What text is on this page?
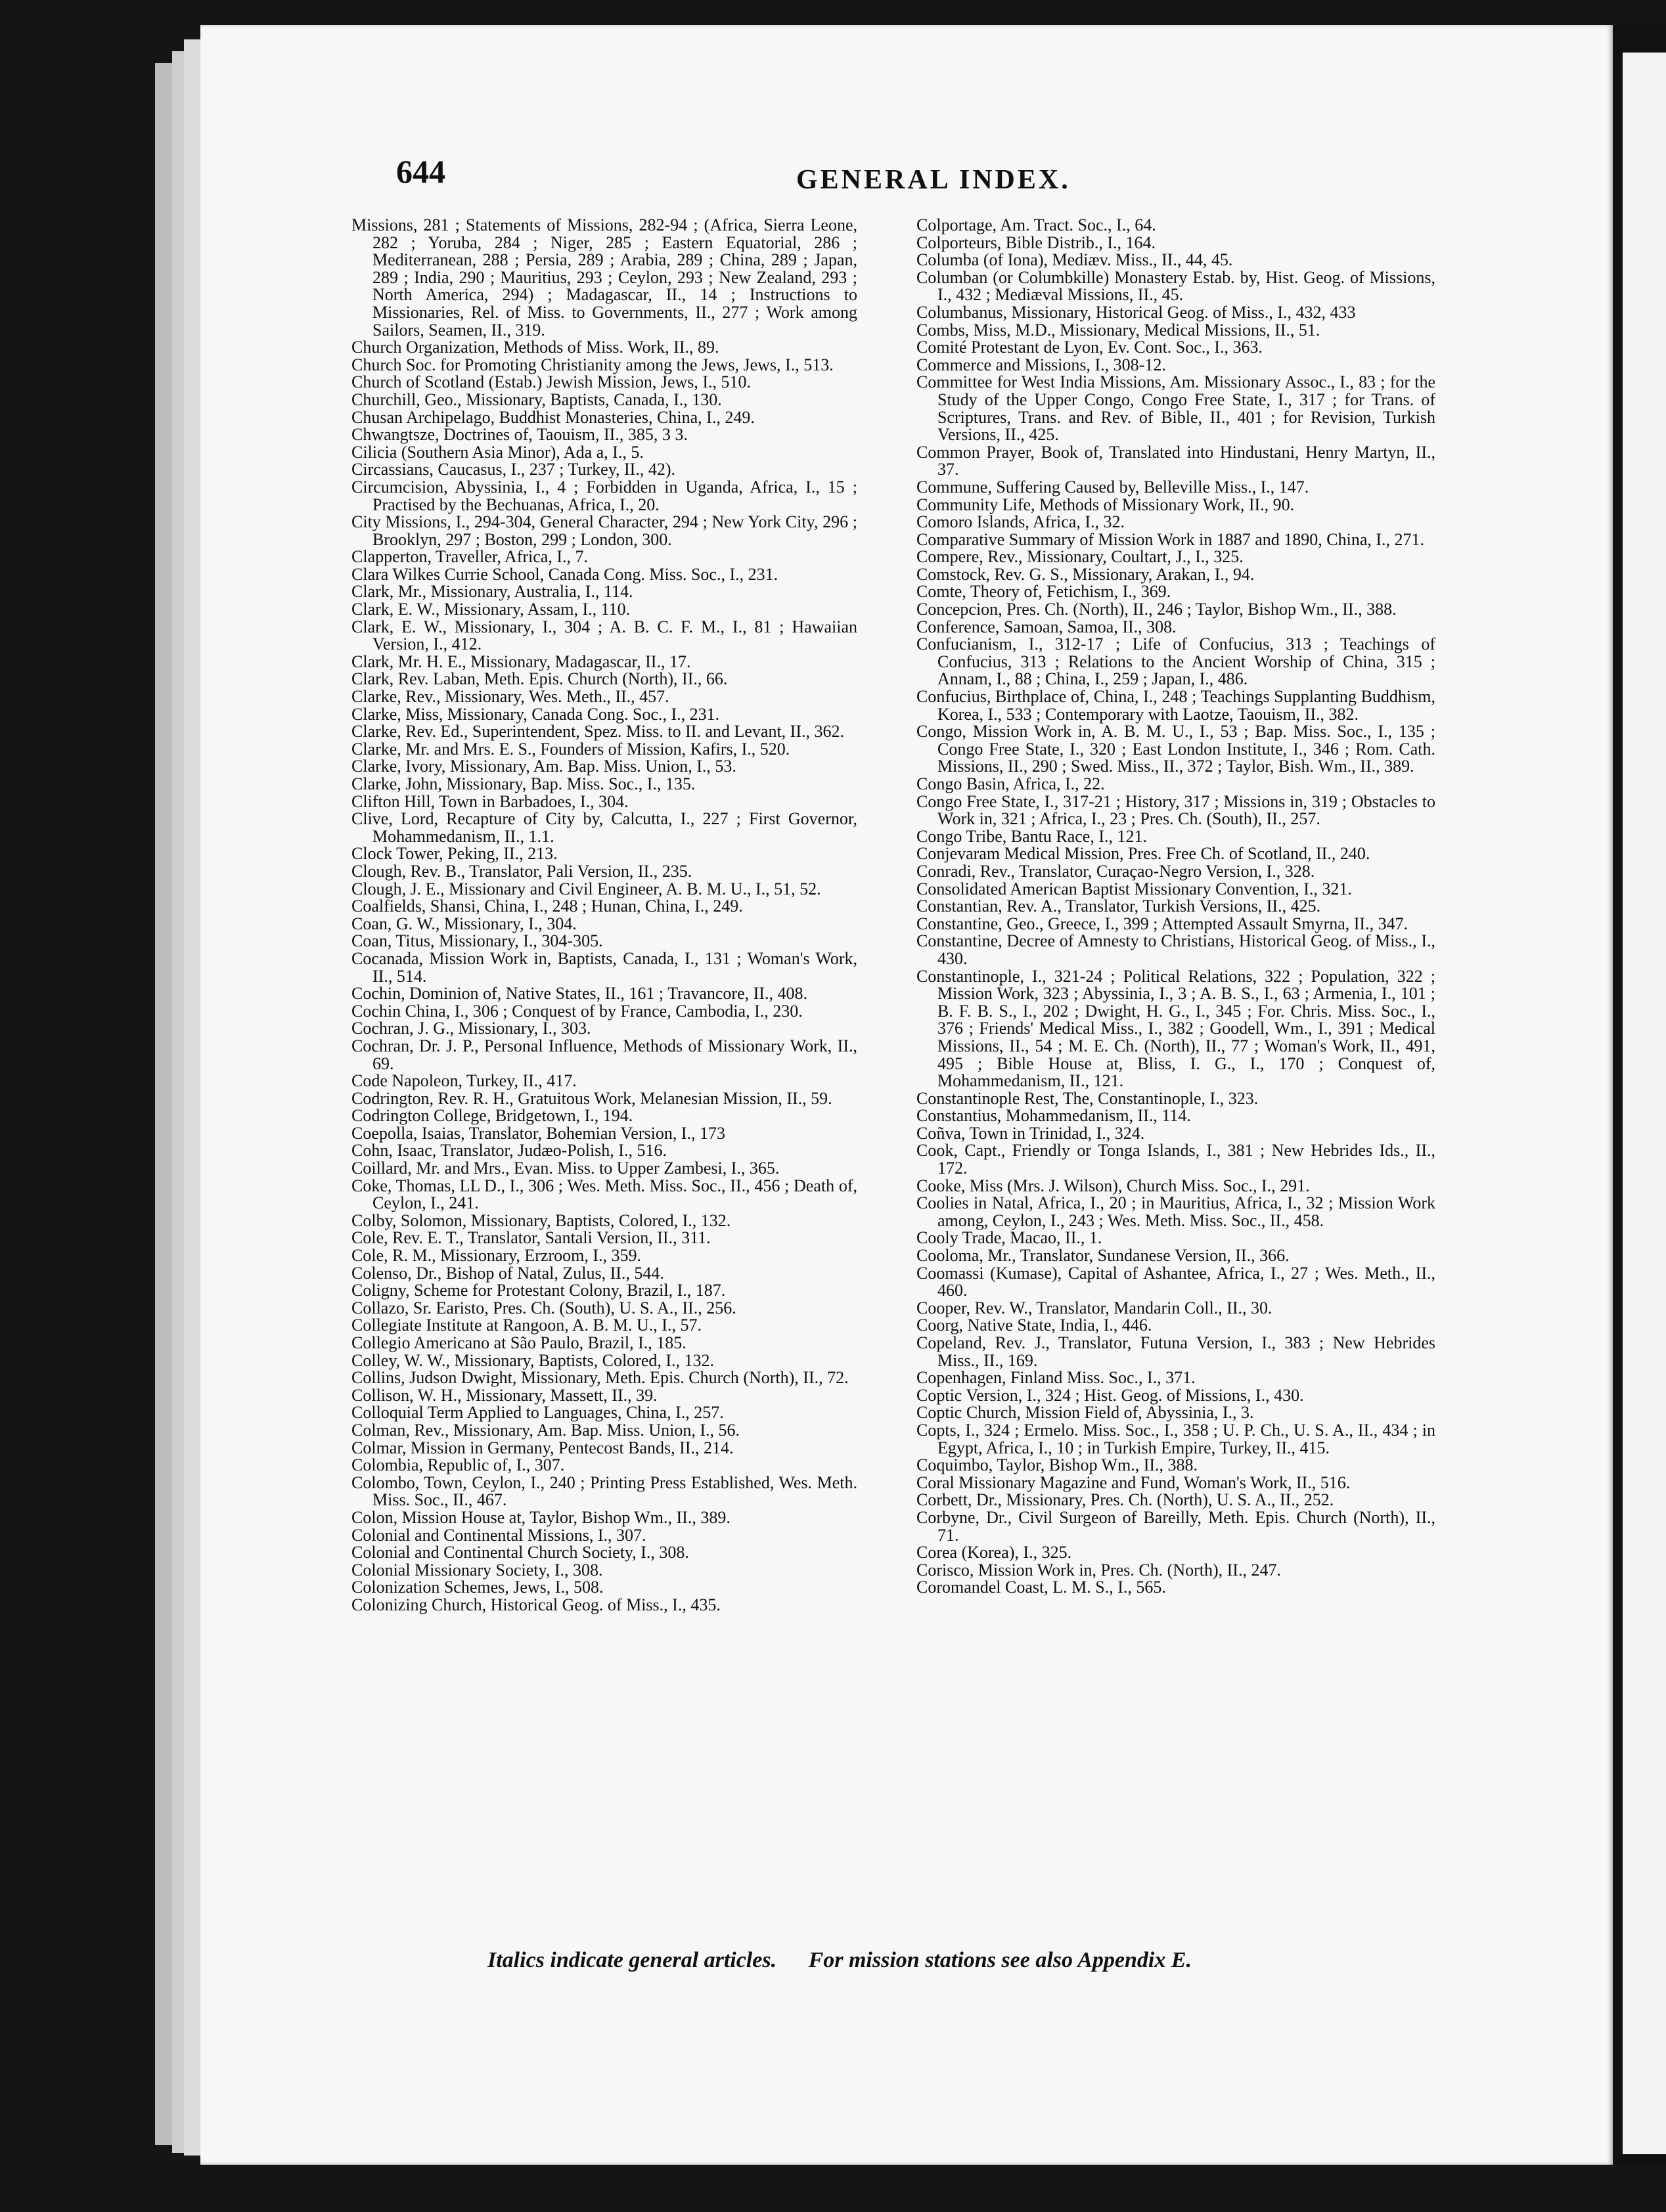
644	GENERAL INDEX.

Missions, 281 ; Statements of Missions, 282-94 ; (Africa, Sierra Leone, 282 ; Yoruba, 284 ; Niger, 285 ; Eastern Equatorial, 286 ; Mediterranean, 288 ; Persia, 289 ; Arabia, 289 ; China, 289 ; Japan, 289 ; India, 290 ; Mauritius, 293 ; Ceylon, 293 ; New Zealand, 293 ; North America, 294) ; Madagascar, II., 14 ; Instructions to Missionaries, Rel. of Miss. to Governments, II., 277 ; Work among Sailors, Seamen, II., 319.

Church Organization, Methods of Miss. Work, II., 89.

Church Soc. for Promoting Christianity among the Jews, Jews, I., 513.

Church of Scotland (Estab.) Jewish Mission, Jews, I., 510.

Churchill, Geo., Missionary, Baptists, Canada, I., 130.

Chusan Archipelago, Buddhist Monasteries, China, I., 249.

Chwangtsze, Doctrines of, Taouism, II., 385, 3 3.

Cilicia (Southern Asia Minor), Ada a, I., 5.

Circassians, Caucasus, I., 237 ; Turkey, II., 42).

Circumcision, Abyssinia, I., 4 ; Forbidden in Uganda, Africa, I., 15 ; Practised by the Bechuanas, Africa, I., 20.

City Missions, I., 294-304, General Character, 294 ; New York City, 296 ; Brooklyn, 297 ; Boston, 299 ; London, 300.

Clapperton, Traveller, Africa, I., 7.

Clara Wilkes Currie School, Canada Cong. Miss. Soc., I., 231.

Clark, Mr., Missionary, Australia, I., 114.

Clark, E. W., Missionary, Assam, I., 110.

Clark, E. W., Missionary, I., 304 ; A. B. C. F. M., I., 81 ; Hawaiian Version, I., 412.

Clark, Mr. H. E., Missionary, Madagascar, II., 17.

Clark, Rev. Laban, Meth. Epis. Church (North), II., 66.

Clarke, Rev., Missionary, Wes. Meth., II., 457.

Clarke, Miss, Missionary, Canada Cong. Soc., I., 231.

Clarke, Rev. Ed., Superintendent, Spez. Miss. to II. and Levant, II., 362.

Clarke, Mr. and Mrs. E. S., Founders of Mission, Kafirs, I., 520.

Clarke, Ivory, Missionary, Am. Bap. Miss. Union, I., 53.

Clarke, John, Missionary, Bap. Miss. Soc., I., 135.

Clifton Hill, Town in Barbadoes, I., 304.

Clive, Lord, Recapture of City by, Calcutta, I., 227 ; First Governor, Mohammedanism, II., 1.1.

Clock Tower, Peking, II., 213.

Clough, Rev. B., Translator, Pali Version, II., 235.

Clough, J. E., Missionary and Civil Engineer, A. B. M. U., I., 51, 52.

Coalfields, Shansi, China, I., 248 ; Hunan, China, I., 249.

Coan, G. W., Missionary, I., 304.

Coan, Titus, Missionary, I., 304-305.

Cocanada, Mission Work in, Baptists, Canada, I., 131 ; Woman's Work, II., 514.

Cochin, Dominion of, Native States, II., 161 ; Travancore, II., 408.

Cochin China, I., 306 ; Conquest of by France, Cambodia, I., 230.

Cochran, J. G., Missionary, I., 303.

Cochran, Dr. J. P., Personal Influence, Methods of Missionary Work, II., 69.

Code Napoleon, Turkey, II., 417.

Codrington, Rev. R. H., Gratuitous Work, Melanesian Mission, II., 59.

Codrington College, Bridgetown, I., 194.

Coepolla, Isaias, Translator, Bohemian Version, I., 173

Cohn, Isaac, Translator, Judæo-Polish, I., 516.

Coillard, Mr. and Mrs., Evan. Miss. to Upper Zambesi, I., 365.

Coke, Thomas, LL D., I., 306 ; Wes. Meth. Miss. Soc., II., 456 ; Death of, Ceylon, I., 241.

Colby, Solomon, Missionary, Baptists, Colored, I., 132.

Cole, Rev. E. T., Translator, Santali Version, II., 311.

Cole, R. M., Missionary, Erzroom, I., 359.

Colenso, Dr., Bishop of Natal, Zulus, II., 544.

Coligny, Scheme for Protestant Colony, Brazil, I., 187.

Collazo, Sr. Earisto, Pres. Ch. (South), U. S. A., II., 256.

Collegiate Institute at Rangoon, A. B. M. U., I., 57.

Collegio Americano at São Paulo, Brazil, I., 185.

Colley, W. W., Missionary, Baptists, Colored, I., 132.

Collins, Judson Dwight, Missionary, Meth. Epis. Church (North), II., 72.

Collison, W. H., Missionary, Massett, II., 39.

Colloquial Term Applied to Languages, China, I., 257.

Colman, Rev., Missionary, Am. Bap. Miss. Union, I., 56.

Colmar, Mission in Germany, Pentecost Bands, II., 214.

Colombia, Republic of, I., 307.

Colombo, Town, Ceylon, I., 240 ; Printing Press Established, Wes. Meth. Miss. Soc., II., 467.

Colon, Mission House at, Taylor, Bishop Wm., II., 389.

Colonial and Continental Missions, I., 307.

Colonial and Continental Church Society, I., 308.

Colonial Missionary Society, I., 308.

Colonization Schemes, Jews, I., 508.

Colonizing Church, Historical Geog. of Miss., I., 435.

Colportage, Am. Tract. Soc., I., 64.

Colporteurs, Bible Distrib., I., 164.

Columba (of Iona), Mediæv. Miss., II., 44, 45.

Columban (or Columbkille) Monastery Estab. by, Hist. Geog. of Missions, I., 432 ; Mediæval Missions, II., 45.

Columbanus, Missionary, Historical Geog. of Miss., I., 432, 433

Combs, Miss, M.D., Missionary, Medical Missions, II., 51.

Comité Protestant de Lyon, Ev. Cont. Soc., I., 363.

Commerce and Missions, I., 308-12.

Committee for West India Missions, Am. Missionary Assoc., I., 83 ; for the Study of the Upper Congo, Congo Free State, I., 317 ; for Trans. of Scriptures, Trans. and Rev. of Bible, II., 401 ; for Revision, Turkish Versions, II., 425.

Common Prayer, Book of, Translated into Hindustani, Henry Martyn, II., 37.

Commune, Suffering Caused by, Belleville Miss., I., 147.

Community Life, Methods of Missionary Work, II., 90.

Comoro Islands, Africa, I., 32.

Comparative Summary of Mission Work in 1887 and 1890, China, I., 271.

Compere, Rev., Missionary, Coultart, J., I., 325.

Comstock, Rev. G. S., Missionary, Arakan, I., 94.

Comte, Theory of, Fetichism, I., 369.

Concepcion, Pres. Ch. (North), II., 246 ; Taylor, Bishop Wm., II., 388.

Conference, Samoan, Samoa, II., 308.

Confucianism, I., 312-17 ; Life of Confucius, 313 ; Teachings of Confucius, 313 ; Relations to the Ancient Worship of China, 315 ; Annam, I., 88 ; China, I., 259 ; Japan, I., 486.

Confucius, Birthplace of, China, I., 248 ; Teachings Supplanting Buddhism, Korea, I., 533 ; Contemporary with Laotze, Taouism, II., 382.

Congo, Mission Work in, A. B. M. U., I., 53 ; Bap. Miss. Soc., I., 135 ; Congo Free State, I., 320 ; East London Institute, I., 346 ; Rom. Cath. Missions, II., 290 ; Swed. Miss., II., 372 ; Taylor, Bish. Wm., II., 389.

Congo Basin, Africa, I., 22.

Congo Free State, I., 317-21 ; History, 317 ; Missions in, 319 ; Obstacles to Work in, 321 ; Africa, I., 23 ; Pres. Ch. (South), II., 257.

Congo Tribe, Bantu Race, I., 121.

Conjevaram Medical Mission, Pres. Free Ch. of Scotland, II., 240.

Conradi, Rev., Translator, Curaçao-Negro Version, I., 328.

Consolidated American Baptist Missionary Convention, I., 321.

Constantian, Rev. A., Translator, Turkish Versions, II., 425.

Constantine, Geo., Greece, I., 399 ; Attempted Assault Smyrna, II., 347.

Constantine, Decree of Amnesty to Christians, Historical Geog. of Miss., I., 430.

Constantinople, I., 321-24 ; Political Relations, 322 ; Population, 322 ; Mission Work, 323 ; Abyssinia, I., 3 ; A. B. S., I., 63 ; Armenia, I., 101 ; B. F. B. S., I., 202 ; Dwight, H. G., I., 345 ; For. Chris. Miss. Soc., I., 376 ; Friends' Medical Miss., I., 382 ; Goodell, Wm., I., 391 ; Medical Missions, II., 54 ; M. E. Ch. (North), II., 77 ; Woman's Work, II., 491, 495 ; Bible House at, Bliss, I. G., I., 170 ; Conquest of, Mohammedanism, II., 121.

Constantinople Rest, The, Constantinople, I., 323.

Constantius, Mohammedanism, II., 114.

Coñva, Town in Trinidad, I., 324.

Cook, Capt., Friendly or Tonga Islands, I., 381 ; New Hebrides Ids., II., 172.

Cooke, Miss (Mrs. J. Wilson), Church Miss. Soc., I., 291.

Coolies in Natal, Africa, I., 20 ; in Mauritius, Africa, I., 32 ; Mission Work among, Ceylon, I., 243 ; Wes. Meth. Miss. Soc., II., 458.

Cooly Trade, Macao, II., 1.

Cooloma, Mr., Translator, Sundanese Version, II., 366.

Coomassi (Kumase), Capital of Ashantee, Africa, I., 27 ; Wes. Meth., II., 460.

Cooper, Rev. W., Translator, Mandarin Coll., II., 30.

Coorg, Native State, India, I., 446.

Copeland, Rev. J., Translator, Futuna Version, I., 383 ; New Hebrides Miss., II., 169.

Copenhagen, Finland Miss. Soc., I., 371.

Coptic Version, I., 324 ; Hist. Geog. of Missions, I., 430.

Coptic Church, Mission Field of, Abyssinia, I., 3.

Copts, I., 324 ; Ermelo. Miss. Soc., I., 358 ; U. P. Ch., U. S. A., II., 434 ; in Egypt, Africa, I., 10 ; in Turkish Empire, Turkey, II., 415.

Coquimbo, Taylor, Bishop Wm., II., 388.

Coral Missionary Magazine and Fund, Woman's Work, II., 516.

Corbett, Dr., Missionary, Pres. Ch. (North), U. S. A., II., 252.

Corbyne, Dr., Civil Surgeon of Bareilly, Meth. Epis. Church (North), II., 71.

Corea (Korea), I., 325.

Corisco, Mission Work in, Pres. Ch. (North), II., 247.

Coromandel Coast, L. M. S., I., 565.

Italics indicate general articles. For mission stations see also Appendix E.
